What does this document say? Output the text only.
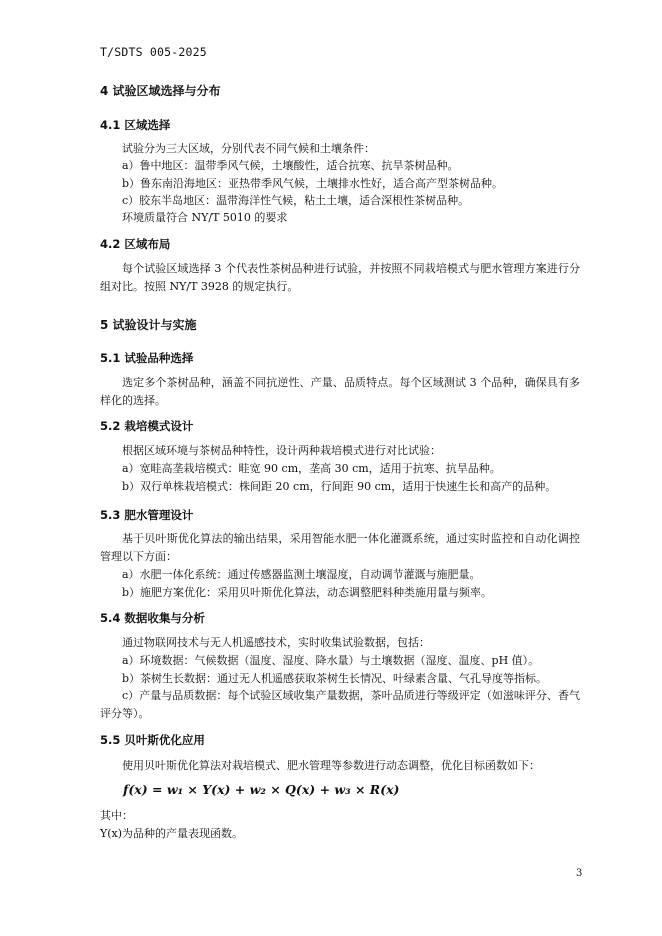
T/SDTS 005-2025
4 试验区域选择与分布
4.1 区域选择
试验分为三大区域，分别代表不同气候和土壤条件：
a）鲁中地区：温带季风气候，土壤酸性，适合抗寒、抗旱茶树品种。
b）鲁东南沿海地区：亚热带季风气候，土壤排水性好，适合高产型茶树品种。
c）胶东半岛地区：温带海洋性气候，粘土土壤，适合深根性茶树品种。
环境质量符合 NY/T 5010 的要求
4.2 区域布局
每个试验区域选择 3 个代表性茶树品种进行试验，并按照不同栽培模式与肥水管理方案进行分组对比。按照 NY/T 3928 的规定执行。
5 试验设计与实施
5.1 试验品种选择
选定多个茶树品种，涵盖不同抗逆性、产量、品质特点。每个区域测试 3 个品种，确保具有多样化的选择。
5.2 栽培模式设计
根据区域环境与茶树品种特性，设计两种栽培模式进行对比试验：
a）宽畦高垄栽培模式：畦宽 90 cm，垄高 30 cm，适用于抗寒、抗旱品种。
b）双行单株栽培模式：株间距 20 cm，行间距 90 cm，适用于快速生长和高产的品种。
5.3 肥水管理设计
基于贝叶斯优化算法的输出结果，采用智能水肥一体化灌溉系统，通过实时监控和自动化调控管理以下方面：
a）水肥一体化系统：通过传感器监测土壤湿度，自动调节灌溉与施肥量。
b）施肥方案优化：采用贝叶斯优化算法，动态调整肥料种类施用量与频率。
5.4 数据收集与分析
通过物联网技术与无人机遥感技术，实时收集试验数据，包括：
a）环境数据：气候数据（温度、湿度、降水量）与土壤数据（湿度、温度、pH 值）。
b）茶树生长数据：通过无人机遥感获取茶树生长情况、叶绿素含量、气孔导度等指标。
c）产量与品质数据：每个试验区域收集产量数据，茶叶品质进行等级评定（如滋味评分、香气评分等）。
5.5 贝叶斯优化应用
使用贝叶斯优化算法对栽培模式、肥水管理等参数进行动态调整，优化目标函数如下：
f(x) = w₁ × Y(x) + w₂ × Q(x) + w₃ × R(x)
其中：
Y(x)为品种的产量表现函数。
3
